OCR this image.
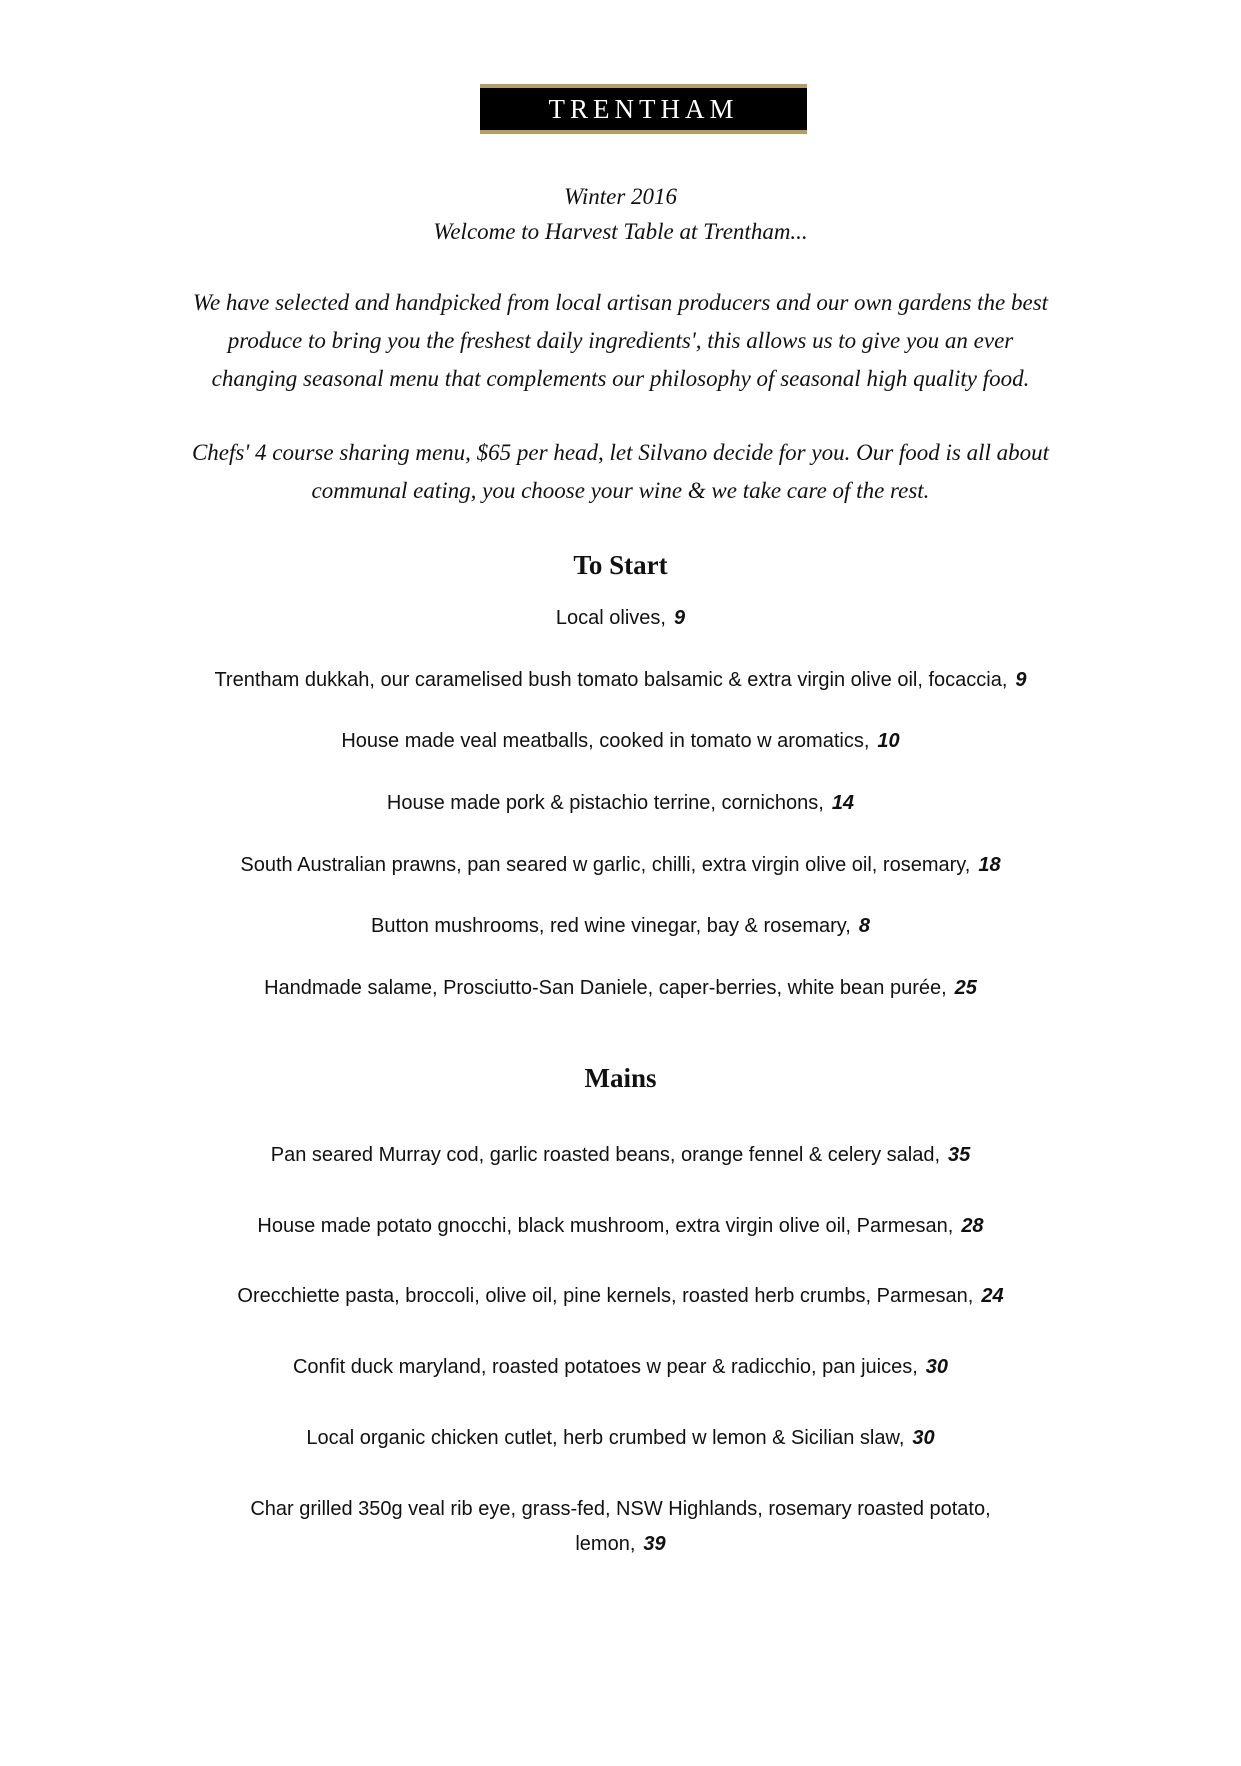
TRENTHAM
Winter 2016
Welcome to Harvest Table at Trentham...
We have selected and handpicked from local artisan producers and our own gardens the best
produce to bring you the freshest daily ingredients', this allows us to give you an ever
changing seasonal menu that complements our philosophy of seasonal high quality food.
Chefs' 4 course sharing menu, $65 per head, let Silvano decide for you. Our food is all about
communal eating, you choose your wine & we take care of the rest.
To Start
Local olives, 9
Trentham dukkah, our caramelised bush tomato balsamic & extra virgin olive oil, focaccia, 9
House made veal meatballs, cooked in tomato w aromatics, 10
House made pork & pistachio terrine, cornichons, 14
South Australian prawns, pan seared w garlic, chilli, extra virgin olive oil, rosemary, 18
Button mushrooms, red wine vinegar, bay & rosemary, 8
Handmade salame, Prosciutto-San Daniele, caper-berries, white bean purée, 25
Mains
Pan seared Murray cod, garlic roasted beans, orange fennel & celery salad, 35
House made potato gnocchi, black mushroom, extra virgin olive oil, Parmesan, 28
Orecchiette pasta, broccoli, olive oil, pine kernels, roasted herb crumbs, Parmesan, 24
Confit duck maryland, roasted potatoes w pear & radicchio, pan juices, 30
Local organic chicken cutlet, herb crumbed w lemon & Sicilian slaw, 30
Char grilled 350g veal rib eye, grass-fed, NSW Highlands, rosemary roasted potato,
lemon, 39
